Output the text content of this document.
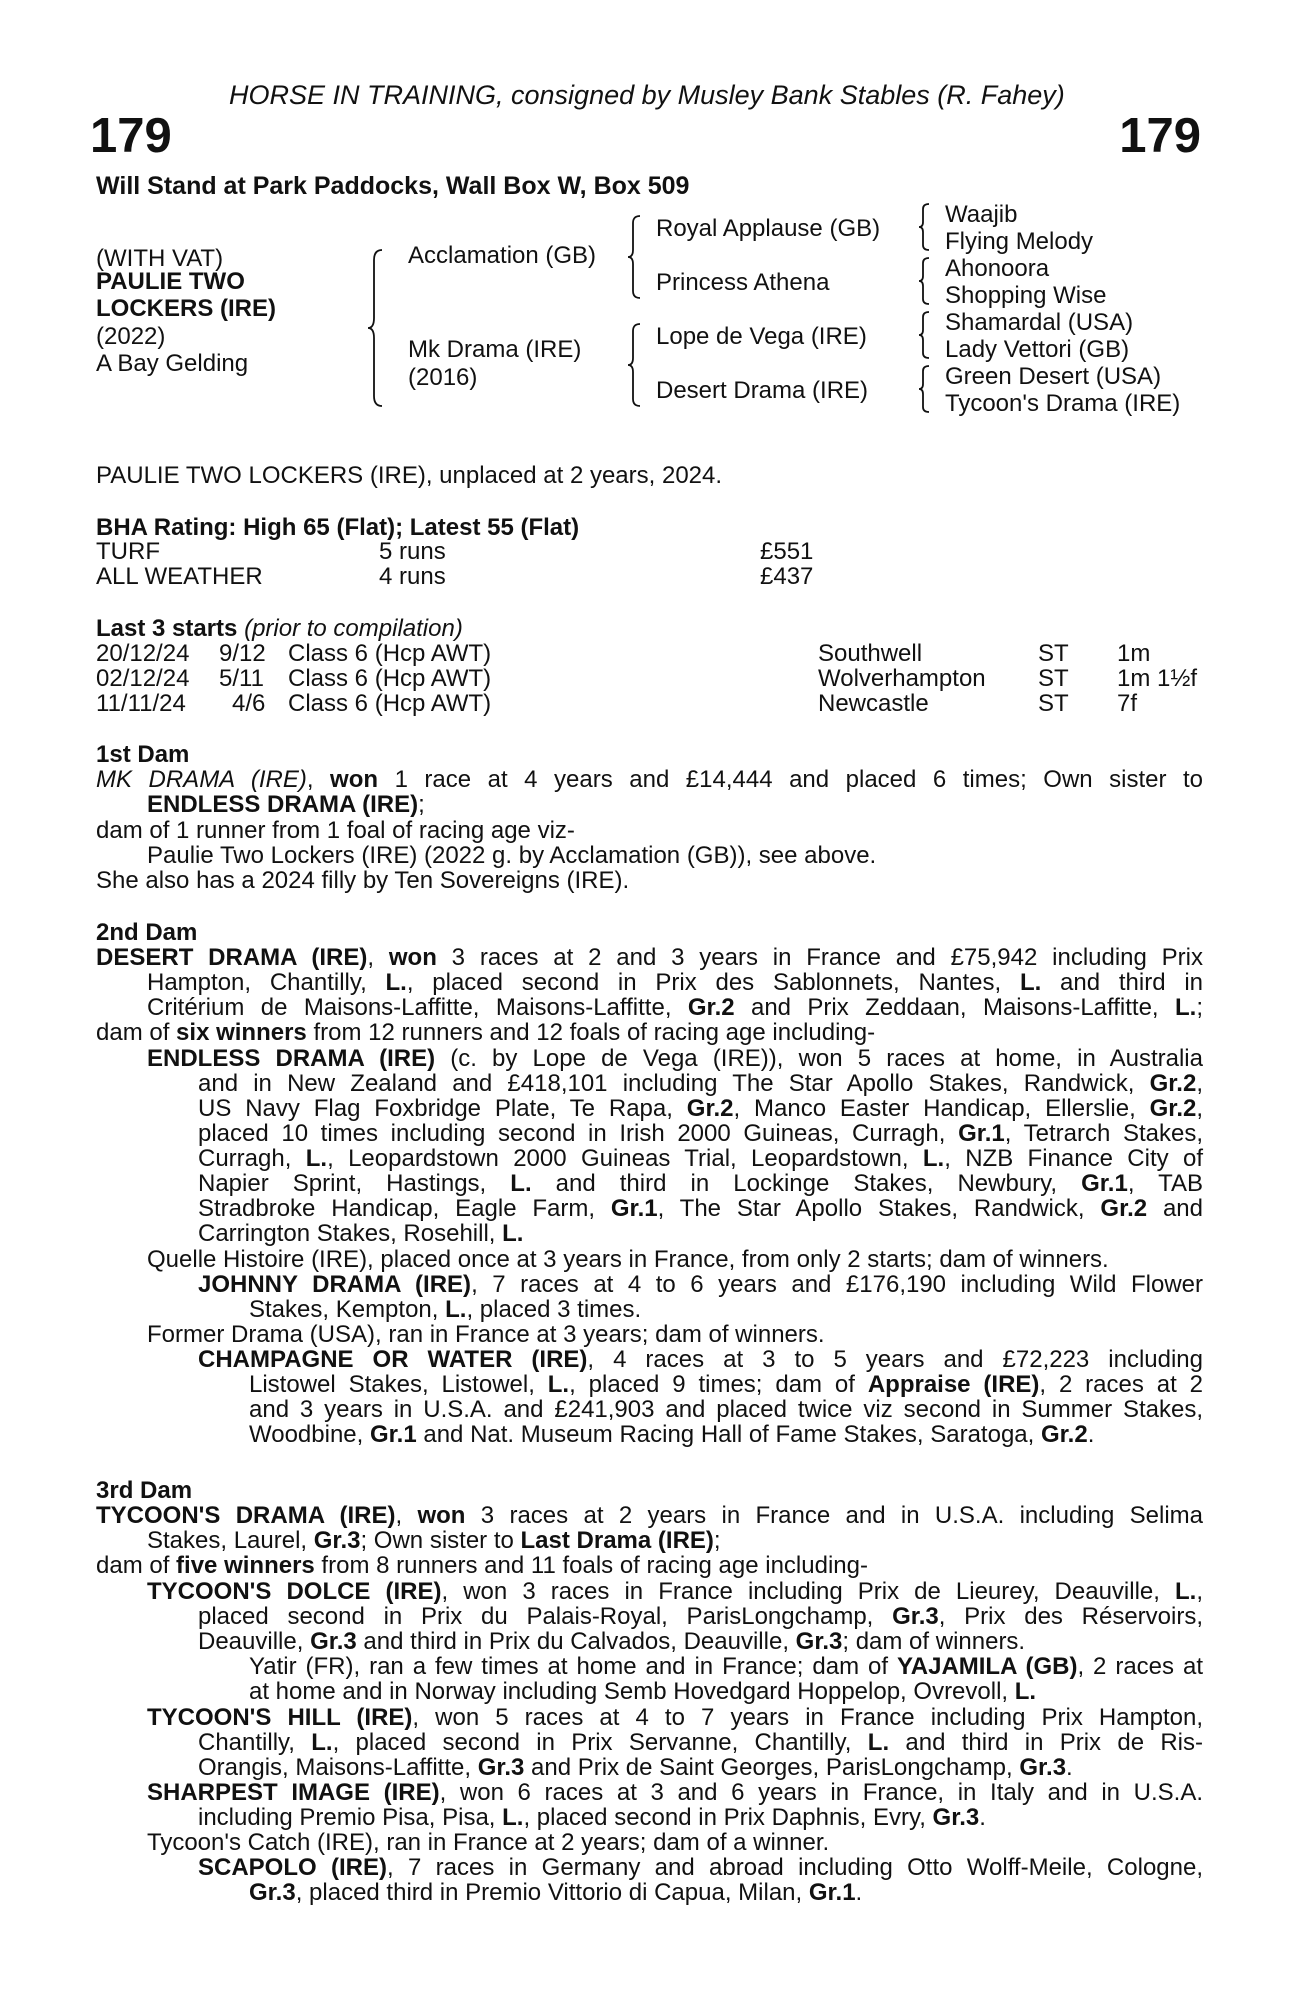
HORSE IN TRAINING, consigned by Musley Bank Stables (R. Fahey)
179	179
Will Stand at Park Paddocks, Wall Box W, Box 509
(WITH VAT)
PAULIE TWO
LOCKERS (IRE)
(2022)
A Bay Gelding
Acclamation (GB)
Mk Drama (IRE)
(2016)
Royal Applause (GB)
Princess Athena
Lope de Vega (IRE)
Desert Drama (IRE)
Waajib
Flying Melody
Ahonoora
Shopping Wise
Shamardal (USA)
Lady Vettori (GB)
Green Desert (USA)
Tycoon's Drama (IRE)
PAULIE TWO LOCKERS (IRE), unplaced at 2 years, 2024.
BHA Rating: High 65 (Flat); Latest 55 (Flat)
TURF	5 runs	£551
ALL WEATHER	4 runs	£437
Last 3 starts (prior to compilation)
20/12/24 9/12 Class 6 (Hcp AWT)	Southwell	ST 1m
02/12/24 5/11 Class 6 (Hcp AWT)	Wolverhampton ST 1m 1½f
11/11/24 4/6 Class 6 (Hcp AWT)	Newcastle	ST 7f
1st Dam
MK DRAMA (IRE), won 1 race at 4 years and £14,444 and placed 6 times; Own sister to
ENDLESS DRAMA (IRE);
dam of 1 runner from 1 foal of racing age viz-
Paulie Two Lockers (IRE) (2022 g. by Acclamation (GB)), see above.
She also has a 2024 filly by Ten Sovereigns (IRE).
2nd Dam
DESERT DRAMA (IRE), won 3 races at 2 and 3 years in France and £75,942 including Prix
Hampton, Chantilly, L., placed second in Prix des Sablonnets, Nantes, L. and third in
Critérium de Maisons-Laffitte, Maisons-Laffitte, Gr.2 and Prix Zeddaan, Maisons-Laffitte, L.;
dam of six winners from 12 runners and 12 foals of racing age including-
ENDLESS DRAMA (IRE) (c. by Lope de Vega (IRE)), won 5 races at home, in Australia
and in New Zealand and £418,101 including The Star Apollo Stakes, Randwick, Gr.2,
US Navy Flag Foxbridge Plate, Te Rapa, Gr.2, Manco Easter Handicap, Ellerslie, Gr.2,
placed 10 times including second in Irish 2000 Guineas, Curragh, Gr.1, Tetrarch Stakes,
Curragh, L., Leopardstown 2000 Guineas Trial, Leopardstown, L., NZB Finance City of
Napier Sprint, Hastings, L. and third in Lockinge Stakes, Newbury, Gr.1, TAB
Stradbroke Handicap, Eagle Farm, Gr.1, The Star Apollo Stakes, Randwick, Gr.2 and
Carrington Stakes, Rosehill, L.
Quelle Histoire (IRE), placed once at 3 years in France, from only 2 starts; dam of winners.
JOHNNY DRAMA (IRE), 7 races at 4 to 6 years and £176,190 including Wild Flower
Stakes, Kempton, L., placed 3 times.
Former Drama (USA), ran in France at 3 years; dam of winners.
CHAMPAGNE OR WATER (IRE), 4 races at 3 to 5 years and £72,223 including
Listowel Stakes, Listowel, L., placed 9 times; dam of Appraise (IRE), 2 races at 2
and 3 years in U.S.A. and £241,903 and placed twice viz second in Summer Stakes,
Woodbine, Gr.1 and Nat. Museum Racing Hall of Fame Stakes, Saratoga, Gr.2.
3rd Dam
TYCOON'S DRAMA (IRE), won 3 races at 2 years in France and in U.S.A. including Selima
Stakes, Laurel, Gr.3; Own sister to Last Drama (IRE);
dam of five winners from 8 runners and 11 foals of racing age including-
TYCOON'S DOLCE (IRE), won 3 races in France including Prix de Lieurey, Deauville, L.,
placed second in Prix du Palais-Royal, ParisLongchamp, Gr.3, Prix des Réservoirs,
Deauville, Gr.3 and third in Prix du Calvados, Deauville, Gr.3; dam of winners.
Yatir (FR), ran a few times at home and in France; dam of YAJAMILA (GB), 2 races at
at home and in Norway including Semb Hovedgard Hoppelop, Ovrevoll, L.
TYCOON'S HILL (IRE), won 5 races at 4 to 7 years in France including Prix Hampton,
Chantilly, L., placed second in Prix Servanne, Chantilly, L. and third in Prix de Ris-
Orangis, Maisons-Laffitte, Gr.3 and Prix de Saint Georges, ParisLongchamp, Gr.3.
SHARPEST IMAGE (IRE), won 6 races at 3 and 6 years in France, in Italy and in U.S.A.
including Premio Pisa, Pisa, L., placed second in Prix Daphnis, Evry, Gr.3.
Tycoon's Catch (IRE), ran in France at 2 years; dam of a winner.
SCAPOLO (IRE), 7 races in Germany and abroad including Otto Wolff-Meile, Cologne,
Gr.3, placed third in Premio Vittorio di Capua, Milan, Gr.1.
